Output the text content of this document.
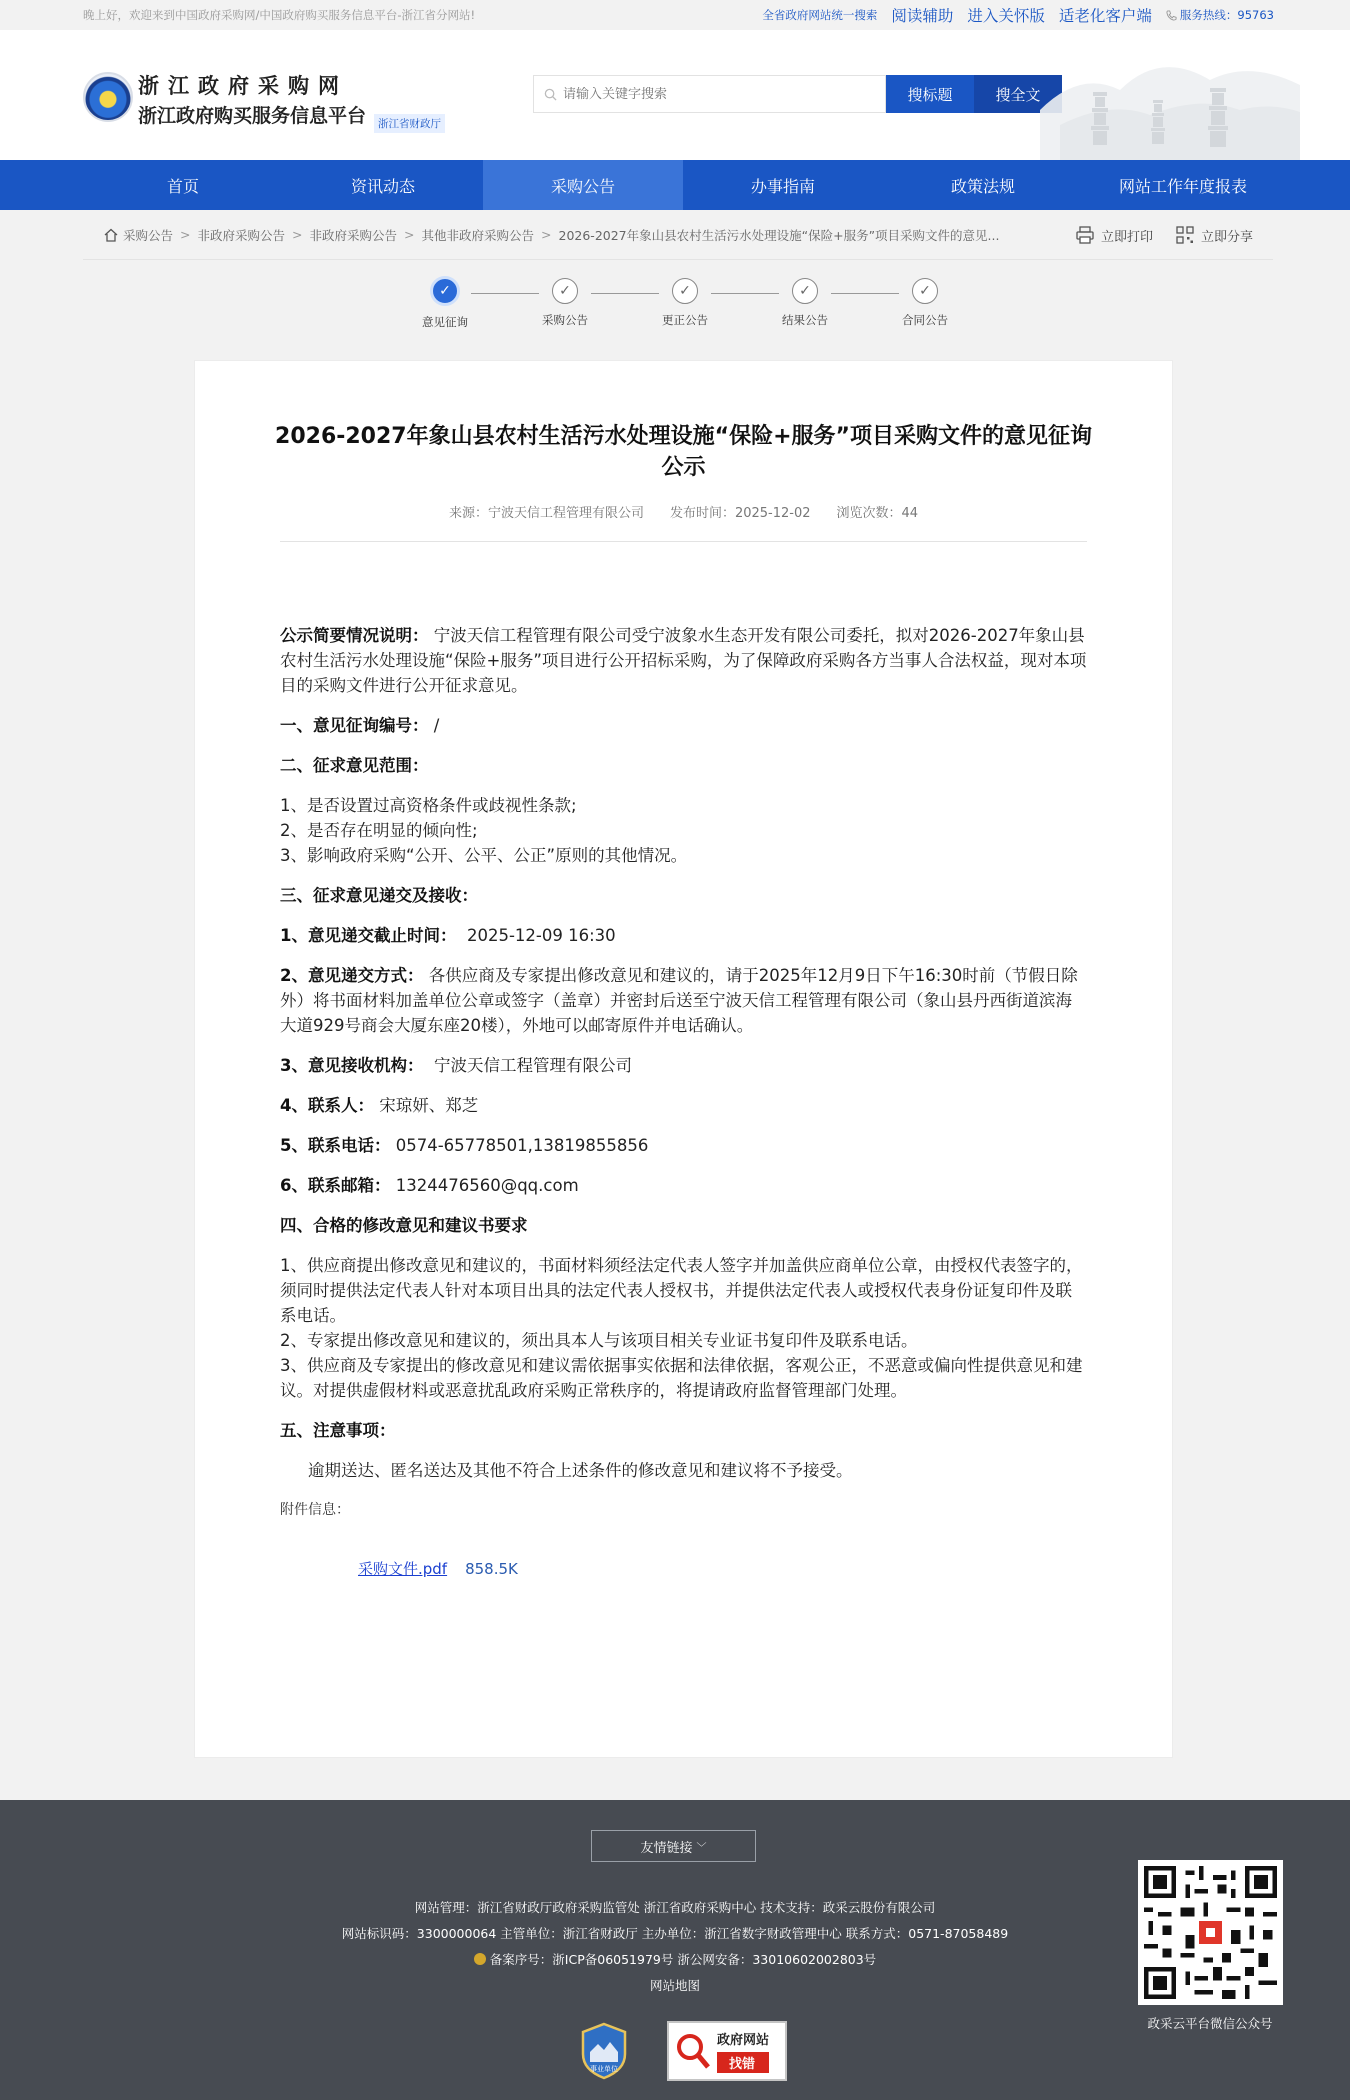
晚上好，欢迎来到中国政府采购网/中国政府购买服务信息平台-浙江省分网站!	全省政府网站统一搜索 阅读辅助 进入关怀版 适老化客户端 服务热线：95763
浙江政府采购网
浙江政府购买服务信息平台	浙江省财政厅
请输入关键字搜索
搜标题	搜全文
首页	资讯动态	采购公告	办事指南	政策法规	网站工作年度报表
采购公告 > 非政府采购公告 > 非政府采购公告 > 其他非政府采购公告 > 2026-2027年象山县农村生活污水处理设施“保险+服务”项目采购文件的意见...	立即打印	立即分享
✓
意见征询
✓
采购公告
✓
更正公告
✓
结果公告
✓
合同公告
2026-2027年象山县农村生活污水处理设施“保险+服务”项目采购文件的意见征询公示
来源：宁波天信工程管理有限公司 发布时间：2025-12-02 浏览次数：44

公示简要情况说明： 宁波天信工程管理有限公司受宁波象水生态开发有限公司委托，拟对2026-2027年象山县农村生活污水处理设施“保险+服务”项目进行公开招标采购，为了保障政府采购各方当事人合法权益，现对本项目的采购文件进行公开征求意见。

一、意见征询编号： /

二、征求意见范围：

1、是否设置过高资格条件或歧视性条款;
2、是否存在明显的倾向性;
3、影响政府采购“公开、公平、公正”原则的其他情况。

三、征求意见递交及接收：

1、意见递交截止时间： 2025-12-09 16:30

2、意见递交方式： 各供应商及专家提出修改意见和建议的，请于2025年12月9日下午16:30时前（节假日除外）将书面材料加盖单位公章或签字（盖章）并密封后送至宁波天信工程管理有限公司（象山县丹西街道滨海大道929号商会大厦东座20楼），外地可以邮寄原件并电话确认。

3、意见接收机构： 宁波天信工程管理有限公司

4、联系人： 宋琼妍、郑芝

5、联系电话： 0574-65778501,13819855856

6、联系邮箱： 1324476560@qq.com

四、合格的修改意见和建议书要求

1、供应商提出修改意见和建议的，书面材料须经法定代表人签字并加盖供应商单位公章，由授权代表签字的，须同时提供法定代表人针对本项目出具的法定代表人授权书，并提供法定代表人或授权代表身份证复印件及联系电话。
2、专家提出修改意见和建议的，须出具本人与该项目相关专业证书复印件及联系电话。
3、供应商及专家提出的修改意见和建议需依据事实依据和法律依据，客观公正，不恶意或偏向性提供意见和建议。对提供虚假材料或恶意扰乱政府采购正常秩序的，将提请政府监督管理部门处理。

五、注意事项：

逾期送达、匿名送达及其他不符合上述条件的修改意见和建议将不予接受。

附件信息：
采购文件.pdf 858.5K
友情链接 ﹀
网站管理：浙江省财政厅政府采购监管处 浙江省政府采购中心 技术支持：政采云股份有限公司
网站标识码：3300000064 主管单位：浙江省财政厅 主办单位：浙江省数字财政管理中心 联系方式：0571-87058489
备案序号：浙ICP备06051979号 浙公网安备：33010602002803号
网站地图
事业单位
政府网站
找错
政采云平台微信公众号
